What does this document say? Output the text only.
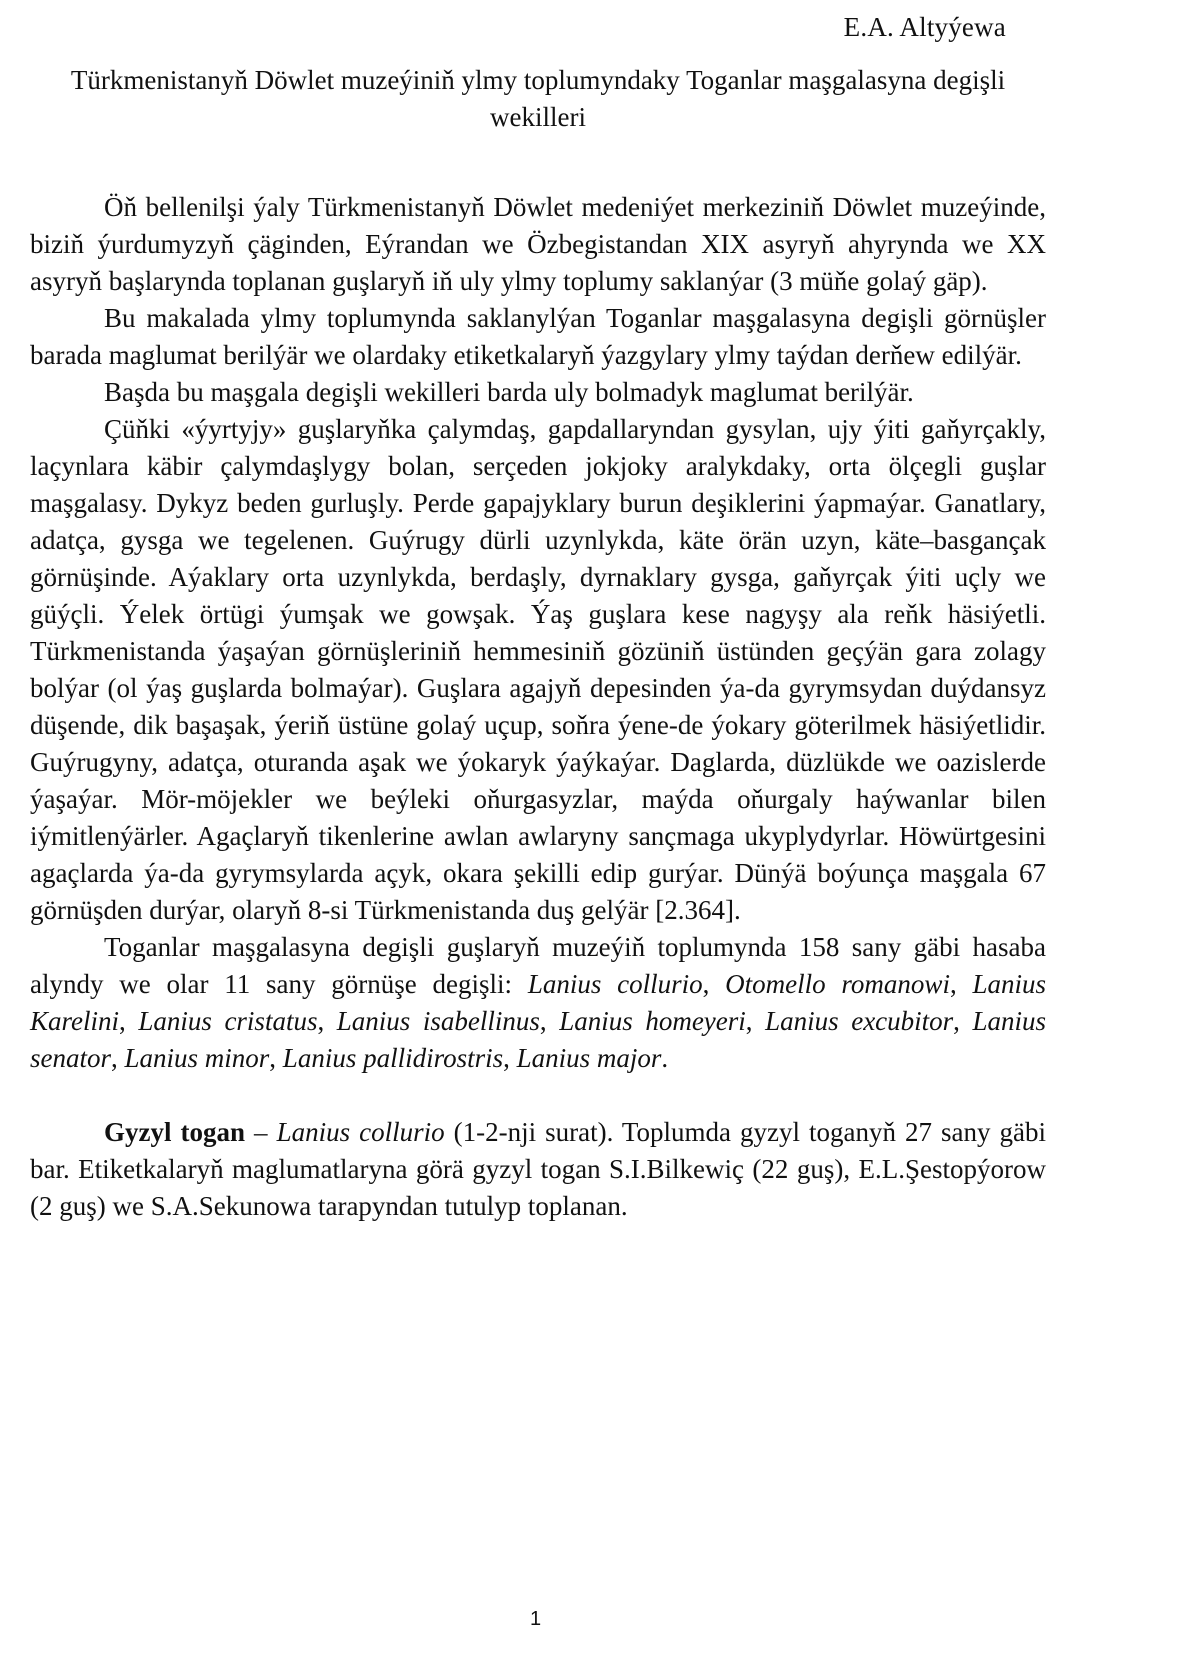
E.A. Altyýewa
Türkmenistanyň Döwlet muzeýiniň ylmy toplumyndaky Toganlar maşgalasyna degişli wekilleri

Öň bellenilşi ýaly Türkmenistanyň Döwlet medeniýet merkeziniň Döwlet muzeýinde, biziň ýurdumyzyň çäginden, Eýrandan we Özbegistandan XIX asyryň ahyrynda we XX asyryň başlarynda toplanan guşlaryň iň uly ylmy toplumy saklanýar (3 müňe golaý gäp).

Bu makalada ylmy toplumynda saklanylýan Toganlar maşgalasyna degişli görnüşler barada maglumat berilýär we olardaky etiketkalaryň ýazgylary ylmy taýdan derňew edilýär.

Başda bu maşgala degişli wekilleri barda uly bolmadyk maglumat berilýär.

Çüňki «ýyrtyjy» guşlaryňka çalymdaş, gapdallaryndan gysylan, ujy ýiti gaňyrçakly, laçynlara käbir çalymdaşlygy bolan, serçeden jokjoky aralykdaky, orta ölçegli guşlar maşgalasy. Dykyz beden gurluşly. Perde gapajyklary burun deşiklerini ýapmaýar. Ganatlary, adatça, gysga we tegelenen. Guýrugy dürli uzynlykda, käte örän uzyn, käte–basgançak görnüşinde. Aýaklary orta uzynlykda, berdaşly, dyrnaklary gysga, gaňyrçak ýiti uçly we güýçli. Ýelek örtügi ýumşak we gowşak. Ýaş guşlara kese nagyşy ala reňk häsiýetli. Türkmenistanda ýaşaýan görnüşleriniň hemmesiniň gözüniň üstünden geçýän gara zolagy bolýar (ol ýaş guşlarda bolmaýar). Guşlara agajyň depesinden ýa-da gyrymsydan duýdansyz düşende, dik başaşak, ýeriň üstüne golaý uçup, soňra ýene-de ýokary göterilmek häsiýetlidir. Guýrugyny, adatça, oturanda aşak we ýokaryk ýaýkaýar. Daglarda, düzlükde we oazislerde ýaşaýar. Mör-möjekler we beýleki oňurgasyzlar, maýda oňurgaly haýwanlar bilen iýmitlenýärler. Agaçlaryň tikenlerine awlan awlaryny sançmaga ukyplydyrlar. Höwürtgesini agaçlarda ýa-da gyrymsylarda açyk, okara şekilli edip gurýar. Dünýä boýunça maşgala 67 görnüşden durýar, olaryň 8-si Türkmenistanda duş gelýär [2.364].

Toganlar maşgalasyna degişli guşlaryň muzeýiň toplumynda 158 sany gäbi hasaba alyndy we olar 11 sany görnüşe degişli: Lanius collurio, Otomello romanowi, Lanius Karelini, Lanius cristatus, Lanius isabellinus, Lanius homeyeri, Lanius excubitor, Lanius senator, Lanius minor, Lanius pallidirostris, Lanius major.

Gyzyl togan – Lanius collurio (1-2-nji surat). Toplumda gyzyl toganyň 27 sany gäbi bar. Etiketkalaryň maglumatlaryna görä gyzyl togan S.I.Bilkewiç (22 guş), E.L.Şestopýorow (2 guş) we S.A.Sekunowa tarapyndan tutulyp toplanan.

1
